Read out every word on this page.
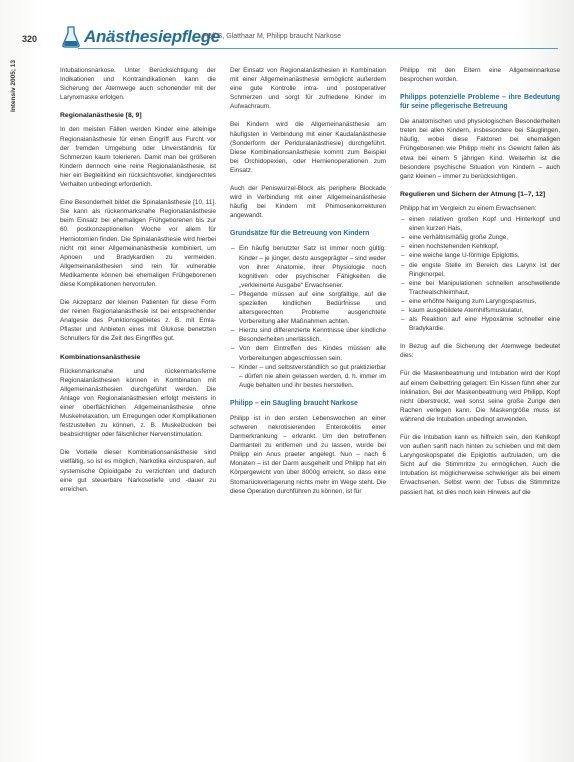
320	Anästhesiepflege
Hoff S, Glatthaar M, Philipp braucht Narkose
Intensiv 2005; 13	Intubationsnarkose. Unter Berücksichtigung der Indikationen und Kontraindikationen kann die Sicherung der Atemwege auch schonender mit der Larynxmaske erfolgen.

Regionalanästhesie [8, 9]

In den meisten Fällen werden Kinder eine alleinige Regionalanästhesie für einen Eingriff aus Furcht vor der fremden Umgebung oder Unverständnis für Schmerzen kaum tolerieren. Damit man bei größeren Kindern dennoch eine reine Regionalanästhesie, ist hier ein Begleitkind ein rücksichtsvoller, kindgerechtes Verhalten unbedingt erforderlich.

Eine Besonderheit bildet die Spinalanästhesie [10, 11]. Sie kann als rückenmarksnahe Regionalanästhesie beim Einsatz bei ehemaligen Frühgeborenen bis zur 60. postkonzeptionellen Woche vor allem für Herniotomien finden. Die Spinalanästhesie wird hierbei nicht mit einer Allgemeinanästhesie kombiniert, um Apnoen und Bradykardien zu vermeiden. Allgemeinanästhesien sind rein für vulnerable Medikamente können bei ehemaligen Frühgeborenen diese Komplikationen hervorrufen.

Die Akzeptanz der kleinen Patienten für diese Form der reinen Regionalanästhesie ist bei entsprechender Analgesie des Punktionsgebietes z. B. mit Emla-Pflaster und Anbieten eines mit Glukose benetzten Schnullers für die Zeit des Eingriffes gut.

Kombinationsanästhesie

Rückenmarksnahe und rückenmarksferne Regionalanästhesien können in Kombination mit Allgemeinanästhesien durchgeführt werden. Die Anlage von Regionalanästhesien erfolgt meistens in einer oberflächlichen Allgemeinanästhesie ohne Muskelrelaxation, um Erregungen oder Komplikationen festzustellen zu können, z. B. Muskelzucken bei beabsichtigter oder fälschlicher Nervenstimulation.

Die Vorteile dieser Kombinationsanästhesie sind vielfältig, so ist es möglich, Narkotika einzusparen, auf systemische Opioidgabe zu verzichten und dadurch eine gut steuerbare Narkosetiefe und -dauer zu erreichen.

Der Einsatz von Regionalanästhesien in Kombination mit einer Allgemeinanästhesie ermöglicht außerdem eine gute Kontrolle intra- und postoperativer Schmerzen und sorgt für zufriedene Kinder im Aufwachraum.

Bei Kindern wird die Allgemeinanästhesie am häufigsten in Verbindung mit einer Kaudalanästhesie (Sonderform der Periduralanästhesie) durchgeführt. Diese Kombinationsanästhesie kommt zum Beispiel bei Orchidopexien, oder Hernienoperationen zum Einsatz.

Auch der Peniswurzel-Block als periphere Blockade wird in Verbindung mit einer Allgemeinanästhesie häufig bei Kindern mit Phimosenkorrekturen angewandt.

Grundsätze für die Betreuung von Kindern
– Ein häufig benutzter Satz ist immer noch gültig: Kinder – je jünger, desto ausgeprägter – sind weder von ihrer Anatomie, ihrer Physiologie noch kognitiven oder psychischer Fähigkeiten die „verkleinerte Ausgabe“ Erwachsener.
– Pflegende müssen auf eine sorgfältige, auf die speziellen kindlichen Bedürfnisse und altersgerechten Probleme ausgerichtete Vorbereitung aller Maßnahmen achten.
– Hierzu sind differenzierte Kenntnisse über kindliche Besonderheiten unerlässlich.
– Von dem Eintreffen des Kindes müssen alle Vorbereitungen abgeschlossen sein.
– Kinder – und selbstverständlich so gut praktizierbar – dürfen nie allein gelassen werden, d. h. immer im Auge behalten und ihr bestes herstellen.
Philipp – ein Säugling braucht Narkose

Philipp ist in den ersten Lebenswochen an einer schweren nekrotisierenden Enterokolitis einer Darmerkrankung – erkrankt. Um den betroffenen Darmanteil zu entfernen und zu lassen, wurde bei Philipp ein Anus praeter angelegt. Nun – nach 6 Monaten – ist der Darm ausgeheilt und Philipp hat ein Körpergewicht von über 8000g erreicht, so dass eine Stomarückverlagerung nichts mehr im Wege steht. Die diese Operation durchführen zu können, ist für

Philipp mit den Eltern eine Allgemeinnarkose besprochen worden.

Philipps potenzielle Probleme – ihre Bedeutung für seine pflegerische Betreuung

Die anatomischen und physiologischen Besonderheiten treten bei allen Kindern, insbesondere bei Säuglingen, häufig, wobei diese Faktoren bei ehemaligen Frühgeborenen wie Philipp mehr ins Gewicht fallen als etwa bei einem 5 jährigen Kind. Weiterhin ist die besondere psychische Situation von Kindern – auch ganz kleinen – immer zu berücksichtigen.

Regulieren und Sichern der Atmung [1–7, 12]

Philipp hat im Vergleich zu einem Erwachsenen:

– einen relativen großen Kopf und Hinterkopf und einen kurzen Hals,
– eine verhältnismäßig große Zunge,
– einen hochstehenden Kehlkopf,
– eine weiche lange U-förmige Epiglottis,
– die engste Stelle im Bereich des Larynx ist der Ringknorpel,
– eine bei Manipulationen schnellen anschwellende Trachealschleimhaut,
– eine erhöhte Neigung zum Laryngospasmus,
– kaum ausgebildete Atemhilfsmuskulatur,
– als Reaktion auf eine Hypoxämie schneller eine Bradykardie.

In Bezug auf die Sicherung der Atemwege bedeutet dies:

Für die Maskenbeatmung und Intubation wird der Kopf auf einem Gelbettring gelagert. Ein Kissen führt eher zur Inklination. Bei der Maskenbeatmung wird Philipp, Kopf nicht überstreckt, weil sonst seine große Zunge den Rachen verlegen kann. Die Maskengröße muss ist während die Intubation unbedingt anwenden.

Für die Intubation kann es hilfreich sein, den Kehlkopf von außen sanft nach hinten zu schieben und mit dem Laryngoskopspatel die Epiglottis aufzuladen, um die Sicht auf die Stimmritze zu ermöglichen. Auch die Intubation ist möglicherweise schwieriger als bei einem Erwachsenen. Selbst wenn der Tubus die Stimmritze passiert hat, ist dies noch kein Hinweis auf die
